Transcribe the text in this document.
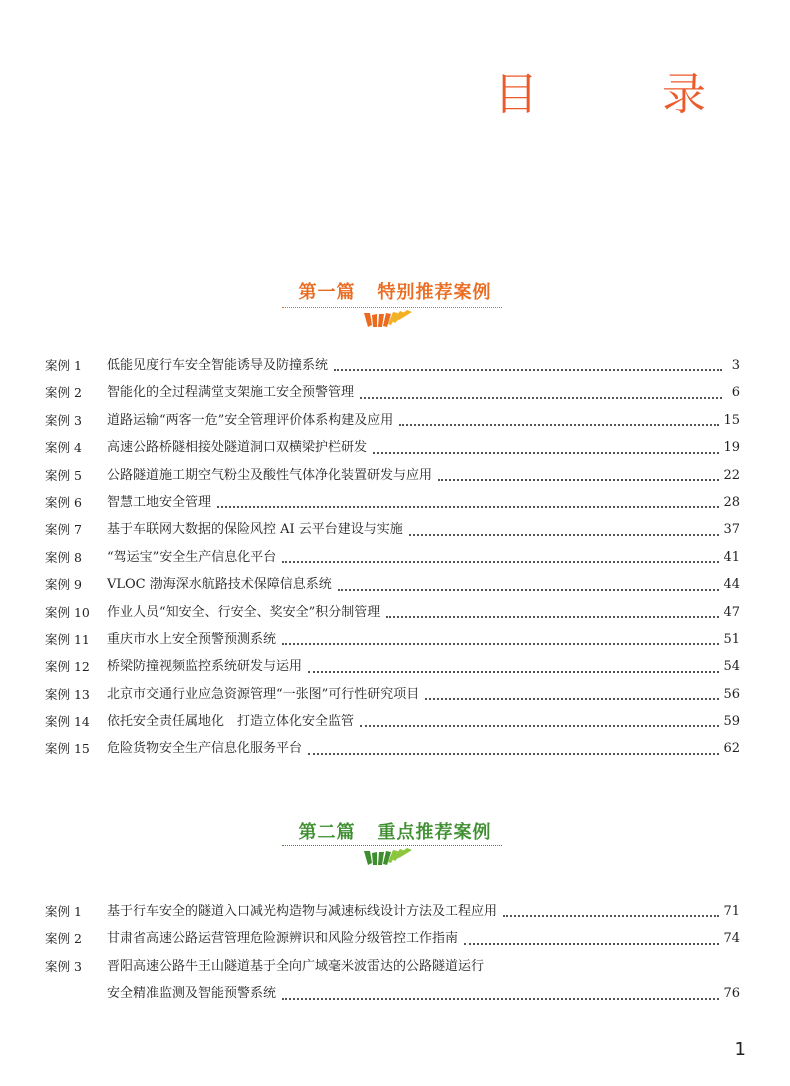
目　录
第一篇 特别推荐案例
案例 1	低能见度行车安全智能诱导及防撞系统	3
案例 2	智能化的全过程满堂支架施工安全预警管理	6
案例 3	道路运输“两客一危”安全管理评价体系构建及应用	15
案例 4	高速公路桥隧相接处隧道洞口双横梁护栏研发	19
案例 5	公路隧道施工期空气粉尘及酸性气体净化装置研发与应用	22
案例 6	智慧工地安全管理	28
案例 7	基于车联网大数据的保险风控 AI 云平台建设与实施	37
案例 8	“驾运宝”安全生产信息化平台	41
案例 9	VLOC 渤海深水航路技术保障信息系统	44
案例 10	作业人员“知安全、行安全、奖安全”积分制管理	47
案例 11	重庆市水上安全预警预测系统	51
案例 12	桥梁防撞视频监控系统研发与运用	54
案例 13	北京市交通行业应急资源管理“一张图”可行性研究项目	56
案例 14	依托安全责任属地化　打造立体化安全监管	59
案例 15	危险货物安全生产信息化服务平台	62
第二篇 重点推荐案例
案例 1	基于行车安全的隧道入口减光构造物与减速标线设计方法及工程应用	71
案例 2	甘肃省高速公路运营管理危险源辨识和风险分级管控工作指南	74
案例 3	晋阳高速公路牛王山隧道基于全向广域毫米波雷达的公路隧道运行
安全精准监测及智能预警系统	76
1
